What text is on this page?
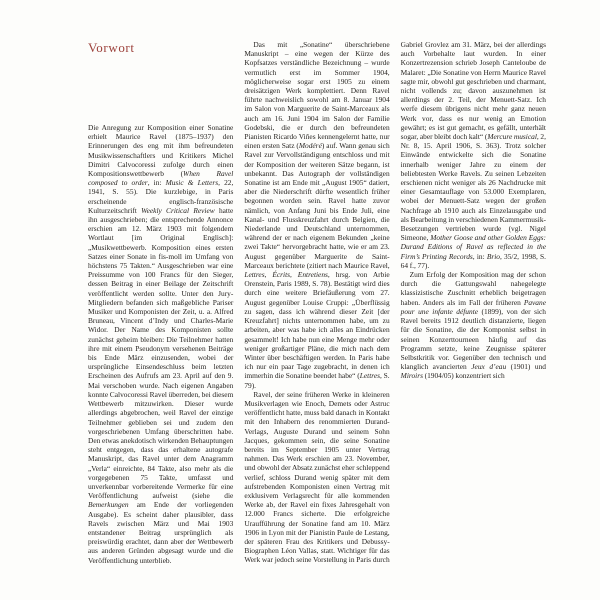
Vorwort

Die Anregung zur Komposition einer Sonatine erhielt Maurice Ravel (1875–1937) den Erinnerungen des eng mit ihm befreundeten Musikwissenschaftlers und Kritikers Michel Dimitri Calvocoressi zufolge durch einen Kompositionswettbewerb (When Ravel composed to order, in: Music & Letters, 22, 1941, S. 55). Die kurzlebige, in Paris erscheinende englisch-französische Kulturzeitschrift Weekly Critical Review hatte ihn ausgeschrieben; die entsprechende Annonce erschien am 12. März 1903 mit folgendem Wortlaut [im Original Englisch]: „Musikwettbewerb. Komposition eines ersten Satzes einer Sonate in fis-moll im Umfang von höchstens 75 Takten.“ Ausgeschrieben war eine Preissumme von 100 Francs für den Sieger, dessen Beitrag in einer Beilage der Zeitschrift veröffentlicht werden sollte. Unter den Jury-Mitgliedern befanden sich maßgebliche Pariser Musiker und Komponisten der Zeit, u. a. Alfred Bruneau, Vincent d’Indy und Charles-Marie Widor. Der Name des Komponisten sollte zunächst geheim bleiben: Die Teilnehmer hatten ihre mit einem Pseudonym versehenen Beiträge bis Ende März einzusenden, wobei der ursprüngliche Einsendeschluss beim letzten Erscheinen des Aufrufs am 23. April auf den 9. Mai verschoben wurde. Nach eigenen Angaben konnte Calvocoressi Ravel überreden, bei diesem Wettbewerb mitzuwirken. Dieser wurde allerdings abgebrochen, weil Ravel der einzige Teilnehmer geblieben sei und zudem den vorgeschriebenen Umfang überschritten habe. Den etwas anekdotisch wirkenden Behauptungen steht entgegen, dass das erhaltene autografe Manuskript, das Ravel unter dem Anagramm „Verla“ einreichte, 84 Takte, also mehr als die vorgegebenen 75 Takte, umfasst und unverkennbar vorbereitende Vermerke für eine Veröffentlichung aufweist (siehe die Bemerkungen am Ende der vorliegenden Ausgabe). Es scheint daher plausibler, dass Ravels zwischen März und Mai 1903 entstandener Beitrag ursprünglich als preiswürdig erachtet, dann aber der Wettbewerb aus anderen Gründen abgesagt wurde und die Veröffentlichung unterblieb.

Das mit „Sonatine“ überschriebene Manuskript – eine wegen der Kürze des Kopfsatzes verständliche Bezeichnung – wurde vermutlich erst im Sommer 1904, möglicherweise sogar erst 1905 zu einem dreisätzigen Werk komplettiert. Denn Ravel führte nachweislich sowohl am 8. Januar 1904 im Salon von Marguerite de Saint-Marceaux als auch am 16. Juni 1904 im Salon der Familie Godebski, die er durch den befreundeten Pianisten Ricardo Viñes kennengelernt hatte, nur einen ersten Satz (Modéré) auf. Wann genau sich Ravel zur Vervollständigung entschloss und mit der Komposition der weiteren Sätze begann, ist unbekannt. Das Autograph der vollständigen Sonatine ist am Ende mit „August 1905“ datiert, aber die Niederschrift dürfte wesentlich früher begonnen worden sein. Ravel hatte zuvor nämlich, von Anfang Juni bis Ende Juli, eine Kanal- und Flusskreuzfahrt durch Belgien, die Niederlande und Deutschland unternommen, während der er nach eigenem Bekunden „keine zwei Takte“ hervorgebracht hatte, wie er am 23. August gegenüber Marguerite de Saint-Marceaux berichtete (zitiert nach Maurice Ravel, Lettres, Écrits, Entretiens, hrsg. von Arbie Orenstein, Paris 1989, S. 78). Bestätigt wird dies durch eine weitere Briefäußerung vom 27. August gegenüber Louise Cruppi: „Überflüssig zu sagen, dass ich während dieser Zeit [der Kreuzfahrt] nichts unternommen habe, um zu arbeiten, aber was habe ich alles an Eindrücken gesammelt! Ich habe nun eine Menge mehr oder weniger großartiger Pläne, die mich nach dem Winter über beschäftigen werden. In Paris habe ich nur ein paar Tage zugebracht, in denen ich immerhin die Sonatine beendet habe“ (Lettres, S. 79).

Ravel, der seine früheren Werke in kleineren Musikverlagen wie Enoch, Demets oder Astruc veröffentlicht hatte, muss bald danach in Kontakt mit den Inhabern des renommierten Durand-Verlags, Auguste Durand und seinem Sohn Jacques, gekommen sein, die seine Sonatine bereits im September 1905 unter Vertrag nahmen. Das Werk erschien am 23. November, und obwohl der Absatz zunächst eher schleppend verlief, schloss Durand wenig später mit dem aufstrebenden Komponisten einen Vertrag mit exklusivem Verlagsrecht für alle kommenden Werke ab, der Ravel ein fixes Jahresgehalt von 12.000 Francs sicherte. Die erfolgreiche Uraufführung der Sonatine fand am 10. März 1906 in Lyon mit der Pianistin Paule de Lestang, der späteren Frau des Kritikers und Debussy-Biographen Léon Vallas, statt. Wichtiger für das Werk war jedoch seine Vorstellung in Paris durch Gabriel Grovlez am 31. März, bei der allerdings auch Vorbehalte laut wurden. In einer Konzertrezension schrieb Joseph Canteloube de Malaret: „Die Sonatine von Herrn Maurice Ravel sagte mir, obwohl gut geschrieben und charmant, nicht vollends zu; davon auszunehmen ist allerdings der 2. Teil, der Menuett-Satz. Ich werfe diesem übrigens nicht mehr ganz neuen Werk vor, dass es nur wenig an Emotion gewährt; es ist gut gemacht, es gefällt, unterhält sogar, aber bleibt doch kalt“ (Mercure musical, 2, Nr. 8, 15. April 1906, S. 363). Trotz solcher Einwände entwickelte sich die Sonatine innerhalb weniger Jahre zu einem der beliebtesten Werke Ravels. Zu seinen Lebzeiten erschienen nicht weniger als 26 Nachdrucke mit einer Gesamtauflage von 53.000 Exemplaren, wobei der Menuett-Satz wegen der großen Nachfrage ab 1910 auch als Einzelausgabe und als Bearbeitung in verschiedenen Kammermusik-Besetzungen vertrieben wurde (vgl. Nigel Simeone, Mother Goose and other Golden Eggs: Durand Editions of Ravel as reflected in the Firm’s Printing Records, in: Brio, 35/2, 1998, S. 64 f., 77).

Zum Erfolg der Komposition mag der schon durch die Gattungswahl nahegelegte klassizistische Zuschnitt erheblich beigetragen haben. Anders als im Fall der früheren Pavane pour une infante défunte (1899), von der sich Ravel bereits 1912 deutlich distanzierte, liegen für die Sonatine, die der Komponist selbst in seinen Konzerttourneen häufig auf das Programm setzte, keine Zeugnisse späterer Selbstkritik vor. Gegenüber den technisch und klanglich avancierten Jeux d’eau (1901) und Miroirs (1904/05) konzentriert sich
